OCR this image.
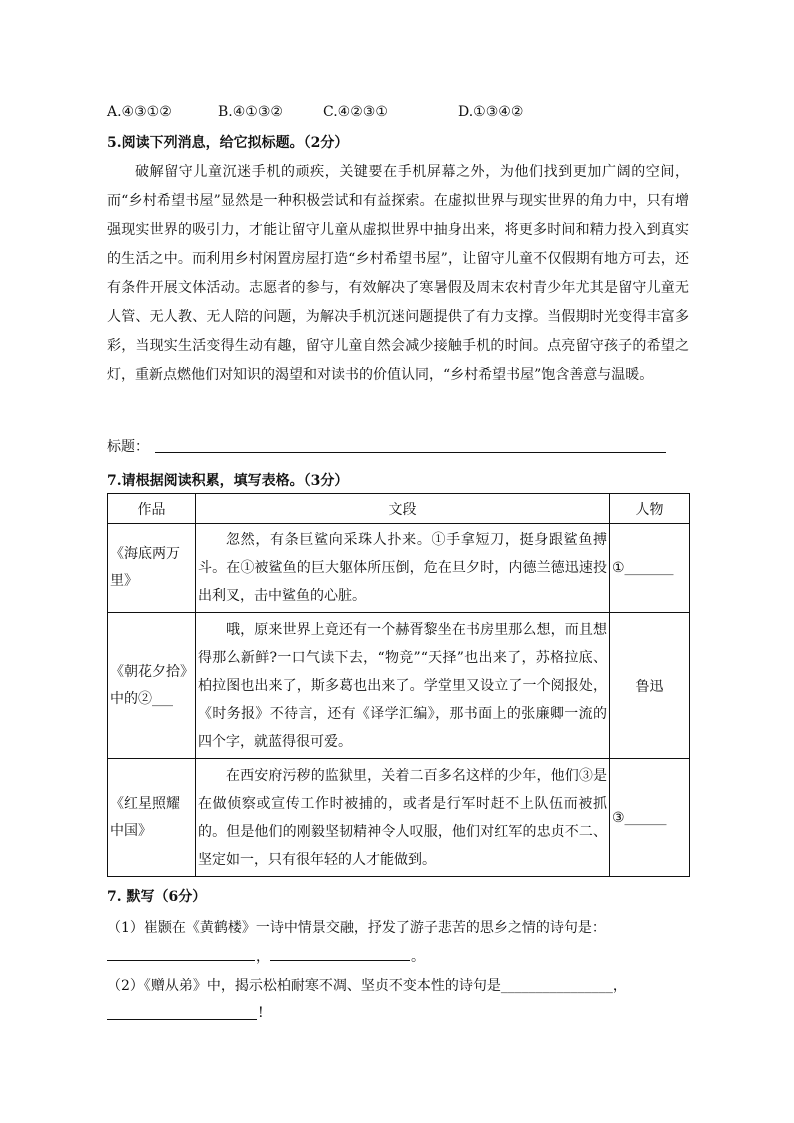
A.④③①②	B.④①③②	C.④②③①	D.①③④②
5.阅读下列消息，给它拟标题。（2分）

破解留守儿童沉迷手机的顽疾，关键要在手机屏幕之外，为他们找到更加广阔的空间，而“乡村希望书屋”显然是一种积极尝试和有益探索。在虚拟世界与现实世界的角力中，只有增强现实世界的吸引力，才能让留守儿童从虚拟世界中抽身出来，将更多时间和精力投入到真实的生活之中。而利用乡村闲置房屋打造“乡村希望书屋”，让留守儿童不仅假期有地方可去，还有条件开展文体活动。志愿者的参与，有效解决了寒暑假及周末农村青少年尤其是留守儿童无人管、无人教、无人陪的问题，为解决手机沉迷问题提供了有力支撑。当假期时光变得丰富多彩，当现实生活变得生动有趣，留守儿童自然会减少接触手机的时间。点亮留守孩子的希望之灯，重新点燃他们对知识的渴望和对读书的价值认同，“乡村希望书屋”饱含善意与温暖。

标题：
7.请根据阅读积累，填写表格。（3分）
作品	文段	人物
《海底两万里》	忽然，有条巨鲨向采珠人扑来。①手拿短刀，挺身跟鲨鱼搏斗。在①被鲨鱼的巨大躯体所压倒，危在旦夕时，内德兰德迅速投出利叉，击中鲨鱼的心脏。	①_______
《朝花夕拾》中的②___	哦，原来世界上竟还有一个赫胥黎坐在书房里那么想，而且想得那么新鲜?一口气读下去，“物竞”“天择”也出来了，苏格拉底、柏拉图也出来了，斯多葛也出来了。学堂里又设立了一个阅报处，《时务报》不待言，还有《译学汇编》，那书面上的张廉卿一流的四个字，就蓝得很可爱。	鲁迅
《红星照耀中国》	在西安府污秽的监狱里，关着二百多名这样的少年，他们③是在做侦察或宣传工作时被捕的，或者是行军时赶不上队伍而被抓的。但是他们的刚毅坚韧精神令人叹服，他们对红军的忠贞不二、坚定如一，只有很年轻的人才能做到。	③______
7. 默写（6分）
（1）崔颢在《黄鹤楼》一诗中情景交融，抒发了游子悲苦的思乡之情的诗句是：
，	。
（2）《赠从弟》中，揭示松柏耐寒不凋、坚贞不变本性的诗句是________________，
!
